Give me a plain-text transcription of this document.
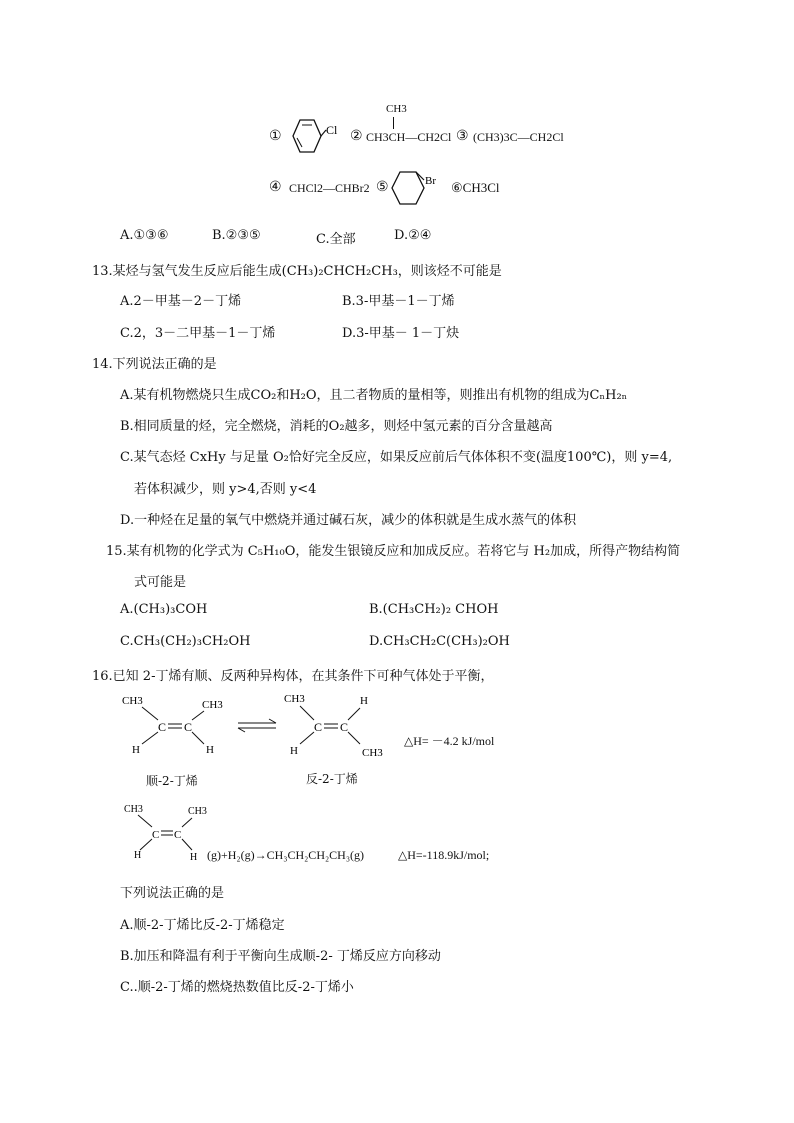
①	Cl ②
CH3
CH3CH—CH2Cl ③ (CH3)3C—CH2Cl
④ CHCl2—CHBr2 ⑤	Br ⑥CH3Cl
A.①③⑥	B.②③⑤	C.全部	D.②④
13.某烃与氢气发生反应后能生成(CH₃)₂CHCH₂CH₃，则该烃不可能是
A.2－甲基－2－丁烯	B.3-甲基－1－丁烯
C.2，3－二甲基－1－丁烯	D.3-甲基－ 1－丁炔
14.下列说法正确的是
A.某有机物燃烧只生成CO₂和H₂O，且二者物质的量相等，则推出有机物的组成为CₙH₂ₙ
B.相同质量的烃，完全燃烧，消耗的O₂越多，则烃中氢元素的百分含量越高
C.某气态烃 CxHy 与足量 O₂恰好完全反应，如果反应前后气体体积不变(温度100℃)，则 y=4,
若体积减少，则 y>4,否则 y<4
D.一种烃在足量的氧气中燃烧并通过碱石灰，减少的体积就是生成水蒸气的体积
15.某有机物的化学式为 C₅H₁₀O，能发生银镜反应和加成反应。若将它与 H₂加成，所得产物结构简
式可能是
A.(CH₃)₃COH	B.(CH₃CH₂)₂ CHOH
C.CH₃(CH₂)₃CH₂OH	D.CH₃CH₂C(CH₃)₂OH
16.已知 2-丁烯有顺、反两种异构体，在其条件下可种气体处于平衡，
CH3	CH3
C C
H	H
CH3	H
C C
H	CH3
△H= －4.2 kJ/mol
顺-2-丁烯	反-2-丁烯
CH3	CH3
C C
H	H (g)+H₂(g)→CH₃CH₂CH₂CH₃(g)	△H=-118.9kJ/mol;
下列说法正确的是
A.顺-2-丁烯比反-2-丁烯稳定
B.加压和降温有利于平衡向生成顺-2- 丁烯反应方向移动
C..顺-2-丁烯的燃烧热数值比反-2-丁烯小
